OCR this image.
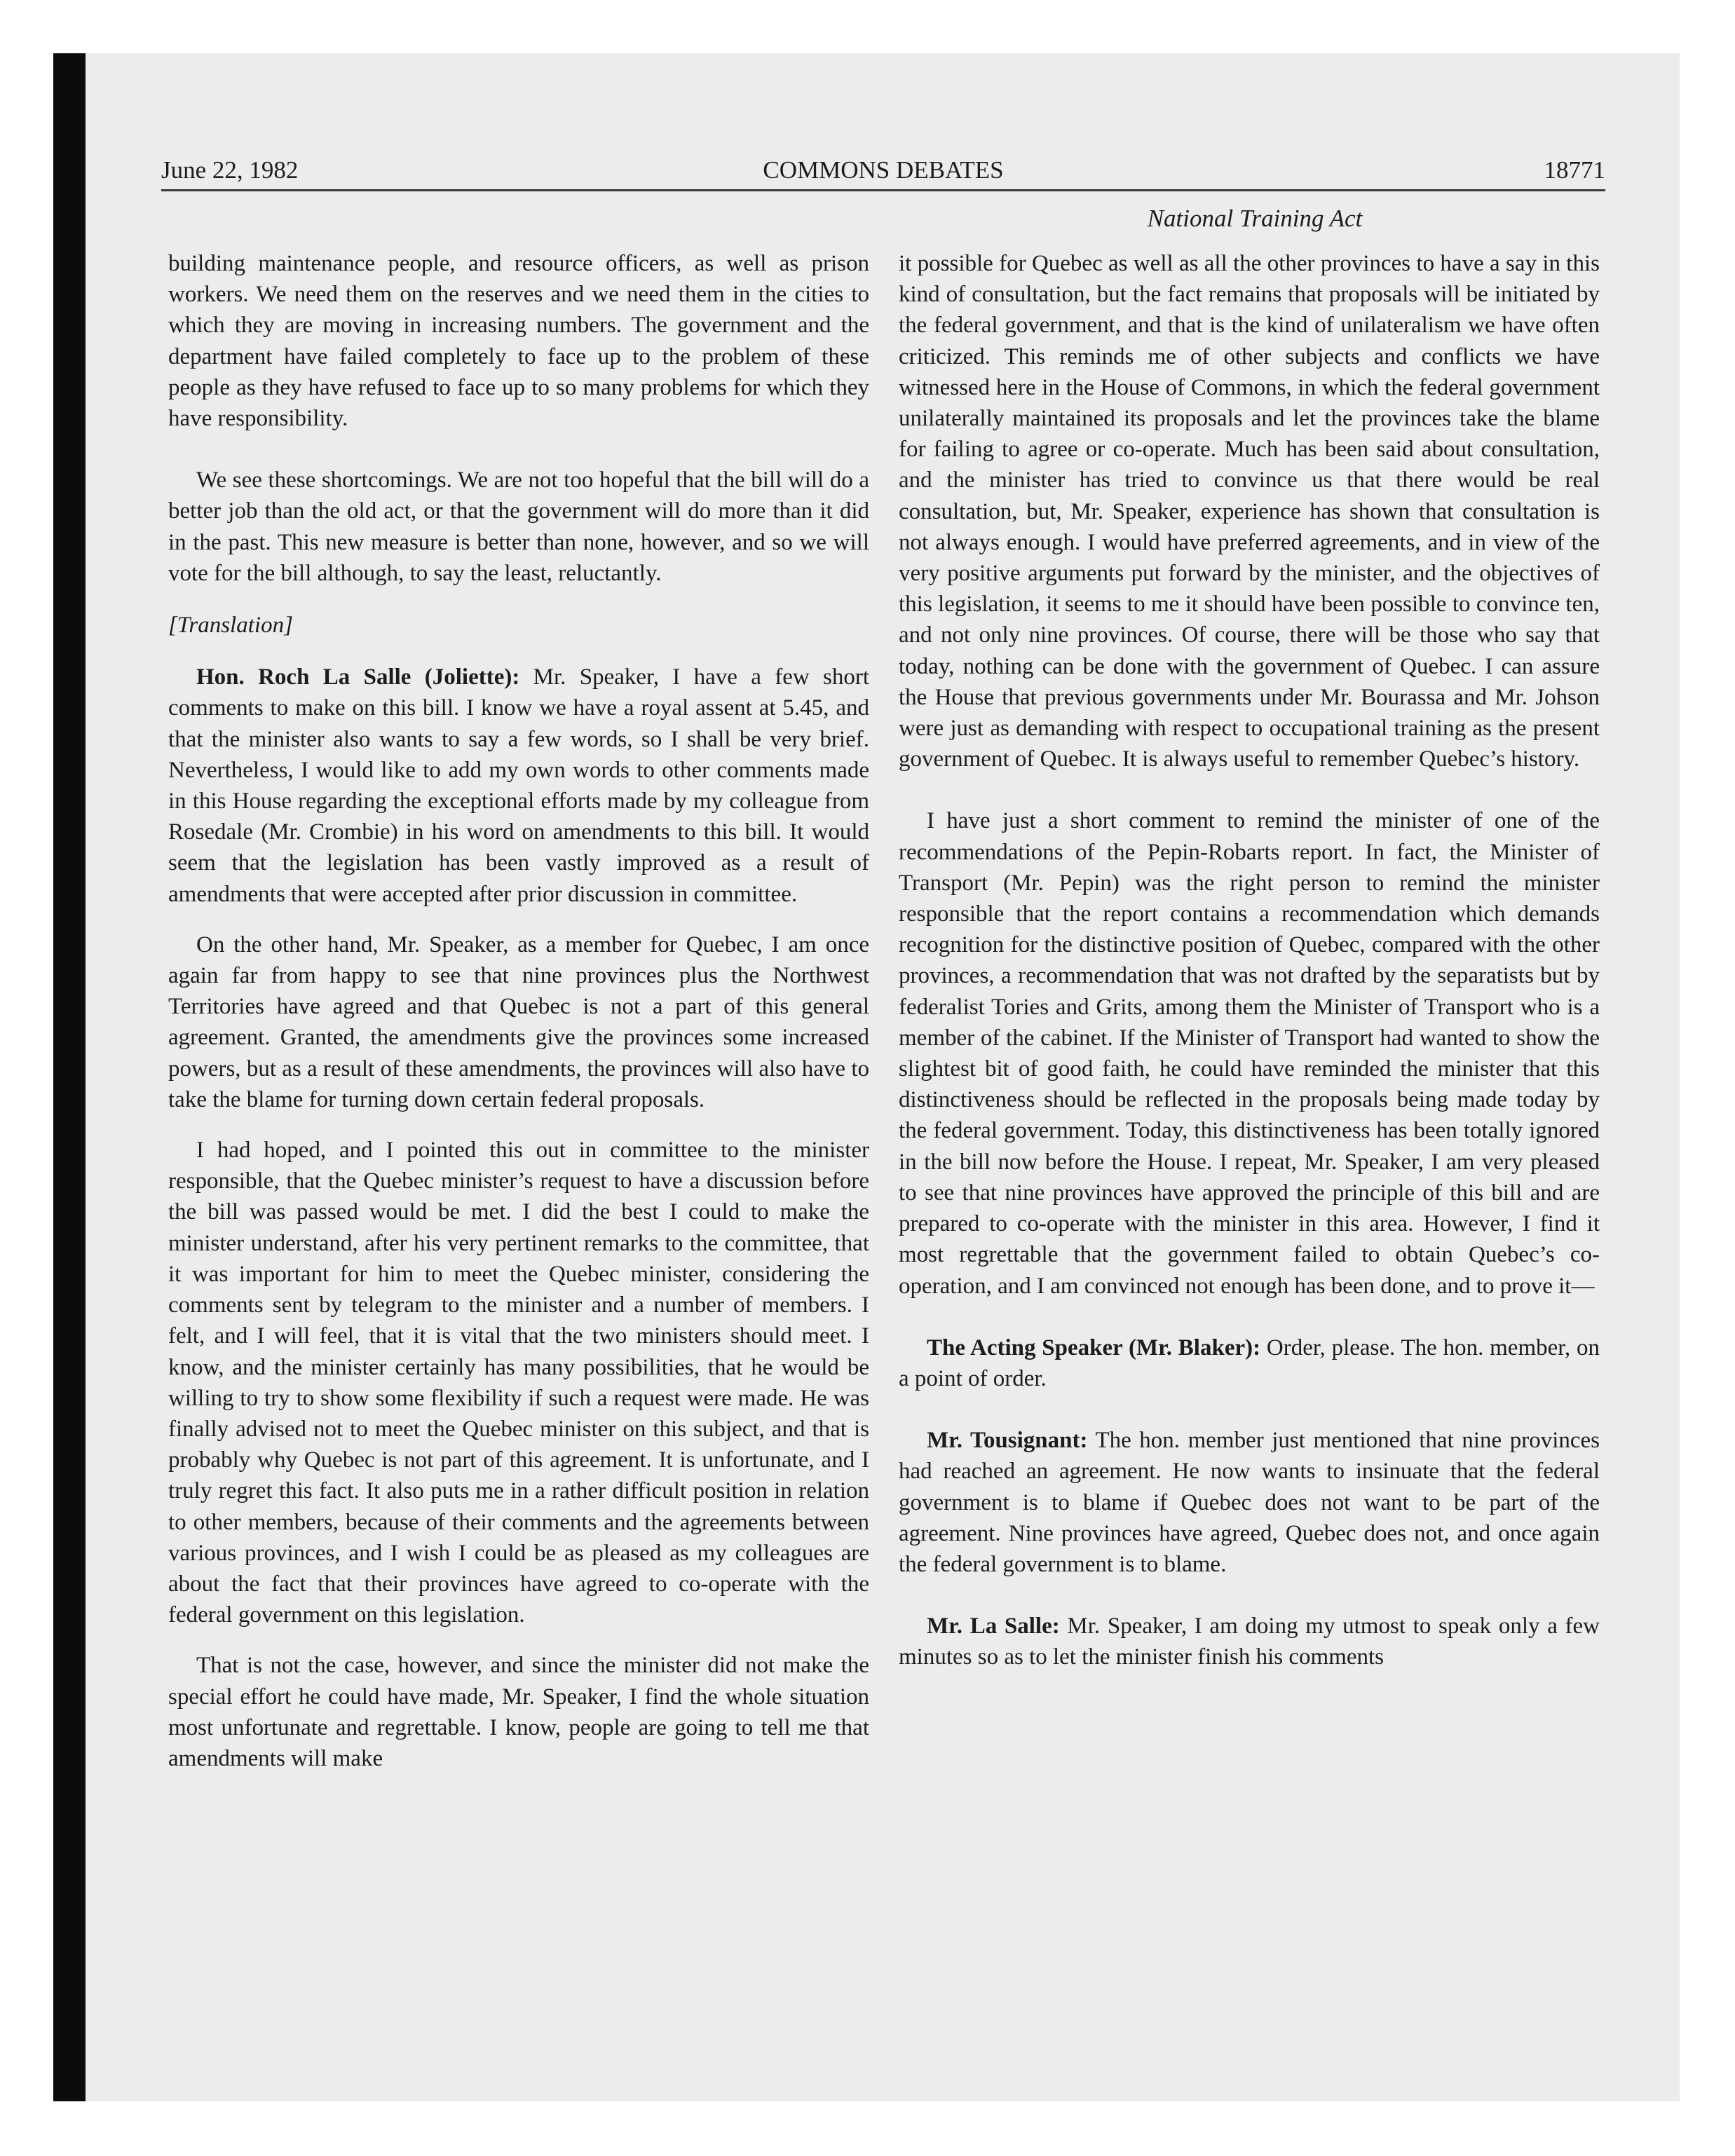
June 22, 1982	COMMONS DEBATES	18771
National Training Act

building maintenance people, and resource officers, as well as prison workers. We need them on the reserves and we need them in the cities to which they are moving in increasing numbers. The government and the department have failed completely to face up to the problem of these people as they have refused to face up to so many problems for which they have responsibility.

We see these shortcomings. We are not too hopeful that the bill will do a better job than the old act, or that the government will do more than it did in the past. This new measure is better than none, however, and so we will vote for the bill although, to say the least, reluctantly.

[Translation]

Hon. Roch La Salle (Joliette): Mr. Speaker, I have a few short comments to make on this bill. I know we have a royal assent at 5.45, and that the minister also wants to say a few words, so I shall be very brief. Nevertheless, I would like to add my own words to other comments made in this House regarding the exceptional efforts made by my colleague from Rosedale (Mr. Crombie) in his word on amendments to this bill. It would seem that the legislation has been vastly improved as a result of amendments that were accepted after prior discussion in committee.

On the other hand, Mr. Speaker, as a member for Quebec, I am once again far from happy to see that nine provinces plus the Northwest Territories have agreed and that Quebec is not a part of this general agreement. Granted, the amendments give the provinces some increased powers, but as a result of these amendments, the provinces will also have to take the blame for turning down certain federal proposals.

I had hoped, and I pointed this out in committee to the minister responsible, that the Quebec minister’s request to have a discussion before the bill was passed would be met. I did the best I could to make the minister understand, after his very pertinent remarks to the committee, that it was important for him to meet the Quebec minister, considering the comments sent by telegram to the minister and a number of members. I felt, and I will feel, that it is vital that the two ministers should meet. I know, and the minister certainly has many possibilities, that he would be willing to try to show some flexibility if such a request were made. He was finally advised not to meet the Quebec minister on this subject, and that is probably why Quebec is not part of this agreement. It is unfortunate, and I truly regret this fact. It also puts me in a rather difficult position in relation to other members, because of their comments and the agreements between various provinces, and I wish I could be as pleased as my colleagues are about the fact that their provinces have agreed to co-operate with the federal government on this legislation.

That is not the case, however, and since the minister did not make the special effort he could have made, Mr. Speaker, I find the whole situation most unfortunate and regrettable. I know, people are going to tell me that amendments will make

it possible for Quebec as well as all the other provinces to have a say in this kind of consultation, but the fact remains that proposals will be initiated by the federal government, and that is the kind of unilateralism we have often criticized. This reminds me of other subjects and conflicts we have witnessed here in the House of Commons, in which the federal government unilaterally maintained its proposals and let the provinces take the blame for failing to agree or co-operate. Much has been said about consultation, and the minister has tried to convince us that there would be real consultation, but, Mr. Speaker, experience has shown that consultation is not always enough. I would have preferred agreements, and in view of the very positive arguments put forward by the minister, and the objectives of this legislation, it seems to me it should have been possible to convince ten, and not only nine provinces. Of course, there will be those who say that today, nothing can be done with the government of Quebec. I can assure the House that previous governments under Mr. Bourassa and Mr. Johson were just as demanding with respect to occupational training as the present government of Quebec. It is always useful to remember Quebec’s history.

I have just a short comment to remind the minister of one of the recommendations of the Pepin-Robarts report. In fact, the Minister of Transport (Mr. Pepin) was the right person to remind the minister responsible that the report contains a recommendation which demands recognition for the distinctive position of Quebec, compared with the other provinces, a recommendation that was not drafted by the separatists but by federalist Tories and Grits, among them the Minister of Transport who is a member of the cabinet. If the Minister of Transport had wanted to show the slightest bit of good faith, he could have reminded the minister that this distinctiveness should be reflected in the proposals being made today by the federal government. Today, this distinctiveness has been totally ignored in the bill now before the House. I repeat, Mr. Speaker, I am very pleased to see that nine provinces have approved the principle of this bill and are prepared to co-operate with the minister in this area. However, I find it most regrettable that the government failed to obtain Quebec’s co-operation, and I am convinced not enough has been done, and to prove it—

The Acting Speaker (Mr. Blaker): Order, please. The hon. member, on a point of order.

Mr. Tousignant: The hon. member just mentioned that nine provinces had reached an agreement. He now wants to insinuate that the federal government is to blame if Quebec does not want to be part of the agreement. Nine provinces have agreed, Quebec does not, and once again the federal government is to blame.

Mr. La Salle: Mr. Speaker, I am doing my utmost to speak only a few minutes so as to let the minister finish his comments
